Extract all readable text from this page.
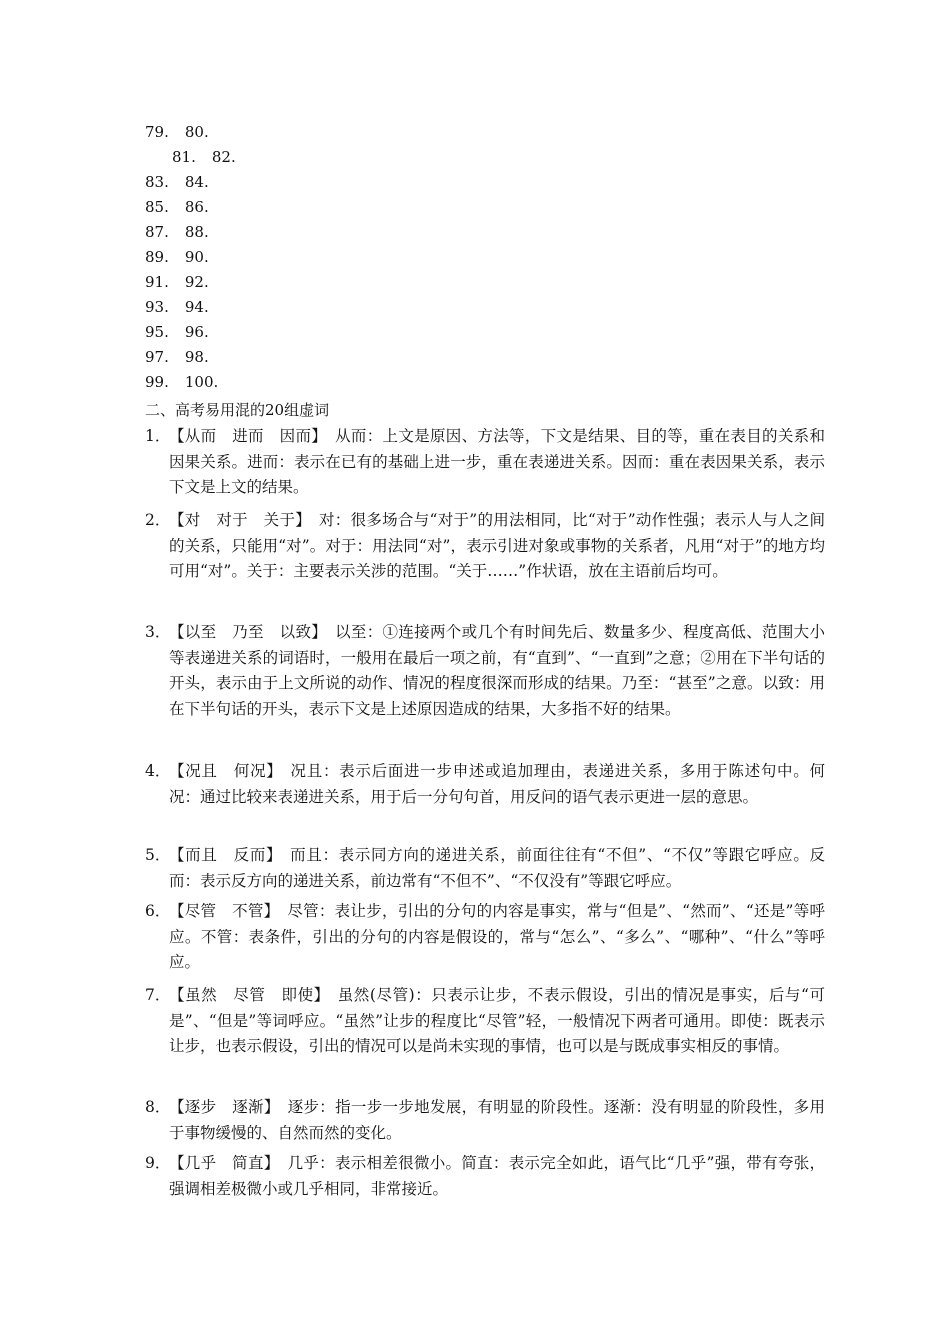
79. 80.
81. 82.
83. 84.
85. 86.
87. 88.
89. 90.
91. 92.
93. 94.
95. 96.
97. 98.
99. 100.
二、高考易用混的20组虚词
1．
【从而　进而　因而】 从而：上文是原因、方法等，下文是结果、目的等，重在表目的关系和因果关系。进而：表示在已有的基础上进一步，重在表递进关系。因而：重在表因果关系，表示下文是上文的结果。
2．
【对　对于　关于】 对：很多场合与“对于”的用法相同，比“对于”动作性强；表示人与人之间的关系，只能用“对”。对于：用法同“对”，表示引进对象或事物的关系者，凡用“对于”的地方均可用“对”。关于：主要表示关涉的范围。“关于……”作状语，放在主语前后均可。
3．
【以至　乃至　以致】 以至：①连接两个或几个有时间先后、数量多少、程度高低、范围大小等表递进关系的词语时，一般用在最后一项之前，有“直到”、“一直到”之意；②用在下半句话的开头，表示由于上文所说的动作、情况的程度很深而形成的结果。乃至：“甚至”之意。以致：用在下半句话的开头，表示下文是上述原因造成的结果，大多指不好的结果。
4．
【况且　何况】 况且：表示后面进一步申述或追加理由，表递进关系，多用于陈述句中。何况：通过比较来表递进关系，用于后一分句句首，用反问的语气表示更进一层的意思。
5．
【而且　反而】 而且：表示同方向的递进关系，前面往往有“不但”、“不仅”等跟它呼应。反而：表示反方向的递进关系，前边常有“不但不”、“不仅没有”等跟它呼应。
6．
【尽管　不管】 尽管：表让步，引出的分句的内容是事实，常与“但是”、“然而”、“还是”等呼应。不管：表条件，引出的分句的内容是假设的，常与“怎么”、“多么”、“哪种”、“什么”等呼应。
7．
【虽然　尽管　即使】 虽然(尽管)：只表示让步，不表示假设，引出的情况是事实，后与“可是”、“但是”等词呼应。“虽然”让步的程度比“尽管”轻，一般情况下两者可通用。即使：既表示让步，也表示假设，引出的情况可以是尚未实现的事情，也可以是与既成事实相反的事情。
8．
【逐步　逐渐】 逐步：指一步一步地发展，有明显的阶段性。逐渐：没有明显的阶段性，多用于事物缓慢的、自然而然的变化。
9．
【几乎　简直】 几乎：表示相差很微小。简直：表示完全如此，语气比“几乎”强，带有夸张，强调相差极微小或几乎相同，非常接近。
